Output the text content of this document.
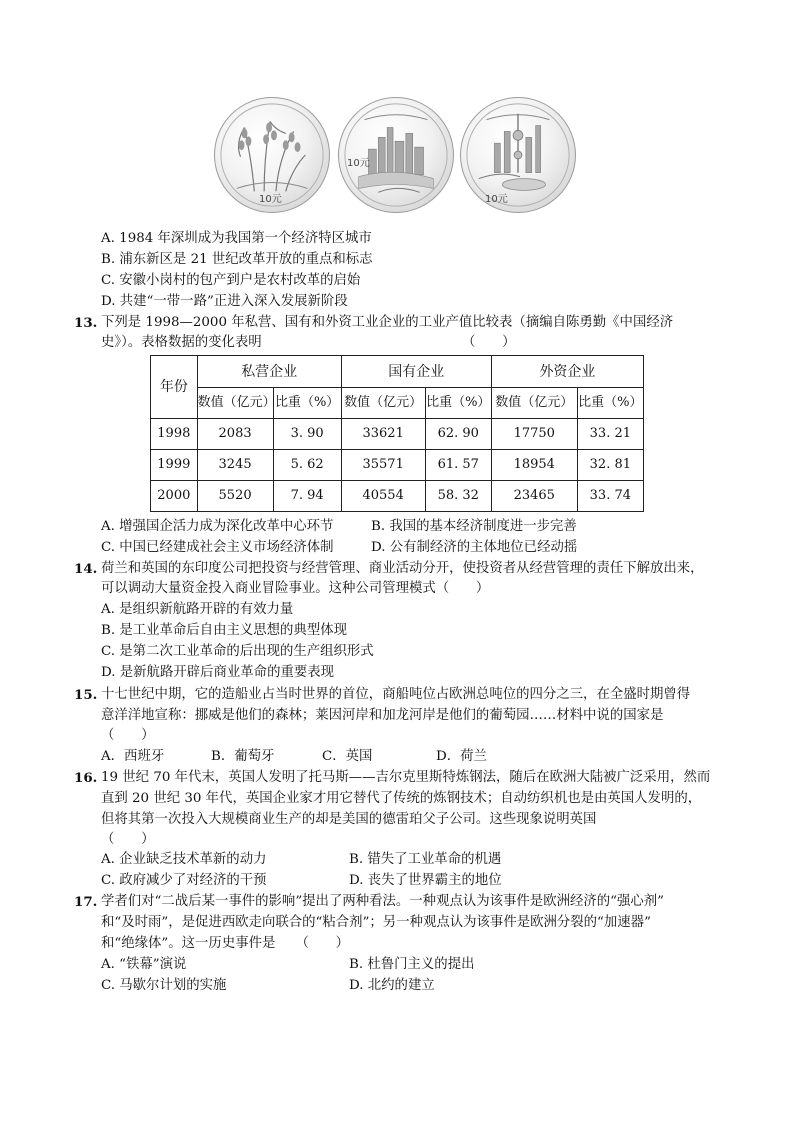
10元
10元
10元
A. 1984 年深圳成为我国第一个经济特区城市
B. 浦东新区是 21 世纪改革开放的重点和标志
C. 安徽小岗村的包产到户是农村改革的启始
D. 共建“一带一路”正进入深入发展新阶段
13. 下列是 1998—2000 年私营、国有和外资工业企业的工业产值比较表（摘编自陈勇勤《中国经济
史》）。表格数据的变化表明	（　　）
年份	私营企业		国有企业		外资企业	
	数值（亿元）	比重（%）	数值（亿元）	比重（%）	数值（亿元）	比重（%）
1998	2083	3. 90	33621	62. 90	17750	33. 21
1999	3245	5. 62	35571	61. 57	18954	32. 81
2000	5520	7. 94	40554	58. 32	23465	33. 74
A. 增强国企活力成为深化改革中心环节	B. 我国的基本经济制度进一步完善
C. 中国已经建成社会主义市场经济体制	D. 公有制经济的主体地位已经动摇
14. 荷兰和英国的东印度公司把投资与经营管理、商业活动分开，使投资者从经营管理的责任下解放出来，
可以调动大量资金投入商业冒险事业。这种公司管理模式（　　）
A. 是组织新航路开辟的有效力量
B. 是工业革命后自由主义思想的典型体现
C. 是第二次工业革命的后出现的生产组织形式
D. 是新航路开辟后商业革命的重要表现
15. 十七世纪中期，它的造船业占当时世界的首位，商船吨位占欧洲总吨位的四分之三，在全盛时期曾得
意洋洋地宣称：挪威是他们的森林；莱因河岸和加龙河岸是他们的葡萄园……材料中说的国家是
（　　）
A．西班牙	B．葡萄牙	C．英国	D．荷兰
16. 19 世纪 70 年代末，英国人发明了托马斯——吉尔克里斯特炼钢法，随后在欧洲大陆被广泛采用，然而
直到 20 世纪 30 年代，英国企业家才用它替代了传统的炼钢技术；自动纺织机也是由英国人发明的，
但将其第一次投入大规模商业生产的却是美国的德雷珀父子公司。这些现象说明英国
（　　）
A. 企业缺乏技术革新的动力	B. 错失了工业革命的机遇
C. 政府减少了对经济的干预	D. 丧失了世界霸主的地位
17. 学者们对“二战后某一事件的影响”提出了两种看法。一种观点认为该事件是欧洲经济的“强心剂”
和“及时雨”，是促进西欧走向联合的“粘合剂”；另一种观点认为该事件是欧洲分裂的“加速器”
和“绝缘体”。这一历史事件是　　（　　）
A. “铁幕”演说	B. 杜鲁门主义的提出
C. 马歇尔计划的实施	D. 北约的建立
